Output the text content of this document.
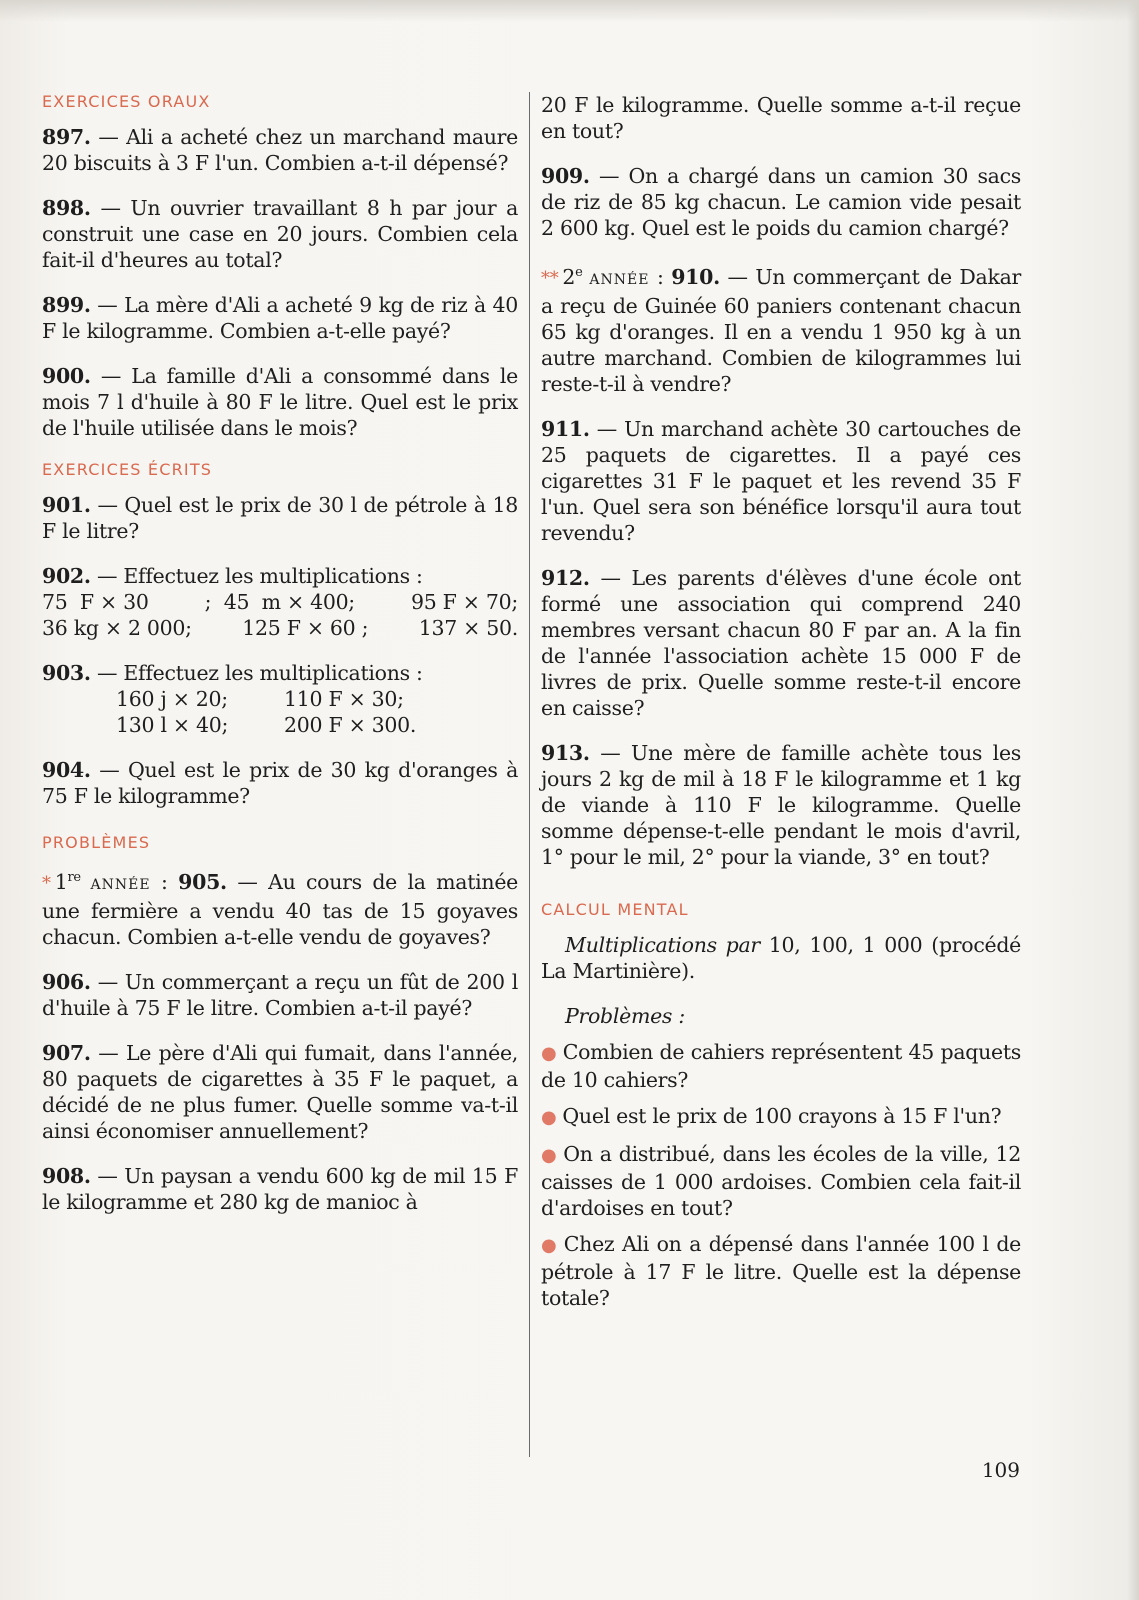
EXERCICES ORAUX

897. — Ali a acheté chez un marchand maure 20 biscuits à 3 F l'un. Combien a-t-il dépensé?

898. — Un ouvrier travaillant 8 h par jour a construit une case en 20 jours. Combien cela fait-il d'heures au total?

899. — La mère d'Ali a acheté 9 kg de riz à 40 F le kilogramme. Combien a-t-elle payé?

900. — La famille d'Ali a consommé dans le mois 7 l d'huile à 80 F le litre. Quel est le prix de l'huile utilisée dans le mois?

EXERCICES ÉCRITS

901. — Quel est le prix de 30 l de pétrole à 18 F le litre?

902. — Effectuez les multiplications :
75  F × 30	;  45  m × 400;	95 F × 70;
36 kg × 2 000; 125 F × 60 ; 137 × 50.
903. — Effectuez les multiplications :
160 j × 20;	110 F × 30;
130 l × 40;	200 F × 300.

904. — Quel est le prix de 30 kg d'oranges à 75 F le kilogramme?

PROBLÈMES

* 1re ANNÉE : 905. — Au cours de la matinée une fermière a vendu 40 tas de 15 goyaves chacun. Combien a-t-elle vendu de goyaves?

906. — Un commerçant a reçu un fût de 200 l d'huile à 75 F le litre. Combien a-t-il payé?

907. — Le père d'Ali qui fumait, dans l'année, 80 paquets de cigarettes à 35 F le paquet, a décidé de ne plus fumer. Quelle somme va-t-il ainsi économiser annuellement?

908. — Un paysan a vendu 600 kg de mil 15 F le kilogramme et 280 kg de manioc à

20 F le kilogramme. Quelle somme a-t-il reçue en tout?

909. — On a chargé dans un camion 30 sacs de riz de 85 kg chacun. Le camion vide pesait 2 600 kg. Quel est le poids du camion chargé?

** 2e ANNÉE : 910. — Un commerçant de Dakar a reçu de Guinée 60 paniers contenant chacun 65 kg d'oranges. Il en a vendu 1 950 kg à un autre marchand. Combien de kilogrammes lui reste-t-il à vendre?

911. — Un marchand achète 30 cartouches de 25 paquets de cigarettes. Il a payé ces cigarettes 31 F le paquet et les revend 35 F l'un. Quel sera son bénéfice lorsqu'il aura tout revendu?

912. — Les parents d'élèves d'une école ont formé une association qui comprend 240 membres versant chacun 80 F par an. A la fin de l'année l'association achète 15 000 F de livres de prix. Quelle somme reste-t-il encore en caisse?

913. — Une mère de famille achète tous les jours 2 kg de mil à 18 F le kilogramme et 1 kg de viande à 110 F le kilogramme. Quelle somme dépense-t-elle pendant le mois d'avril, 1° pour le mil, 2° pour la viande, 3° en tout?

CALCUL MENTAL

Multiplications par 10, 100, 1 000 (procédé La Martinière).

Problèmes :

● Combien de cahiers représentent 45 paquets de 10 cahiers?

● Quel est le prix de 100 crayons à 15 F l'un?

● On a distribué, dans les écoles de la ville, 12 caisses de 1 000 ardoises. Combien cela fait-il d'ardoises en tout?

● Chez Ali on a dépensé dans l'année 100 l de pétrole à 17 F le litre. Quelle est la dépense totale?

109
